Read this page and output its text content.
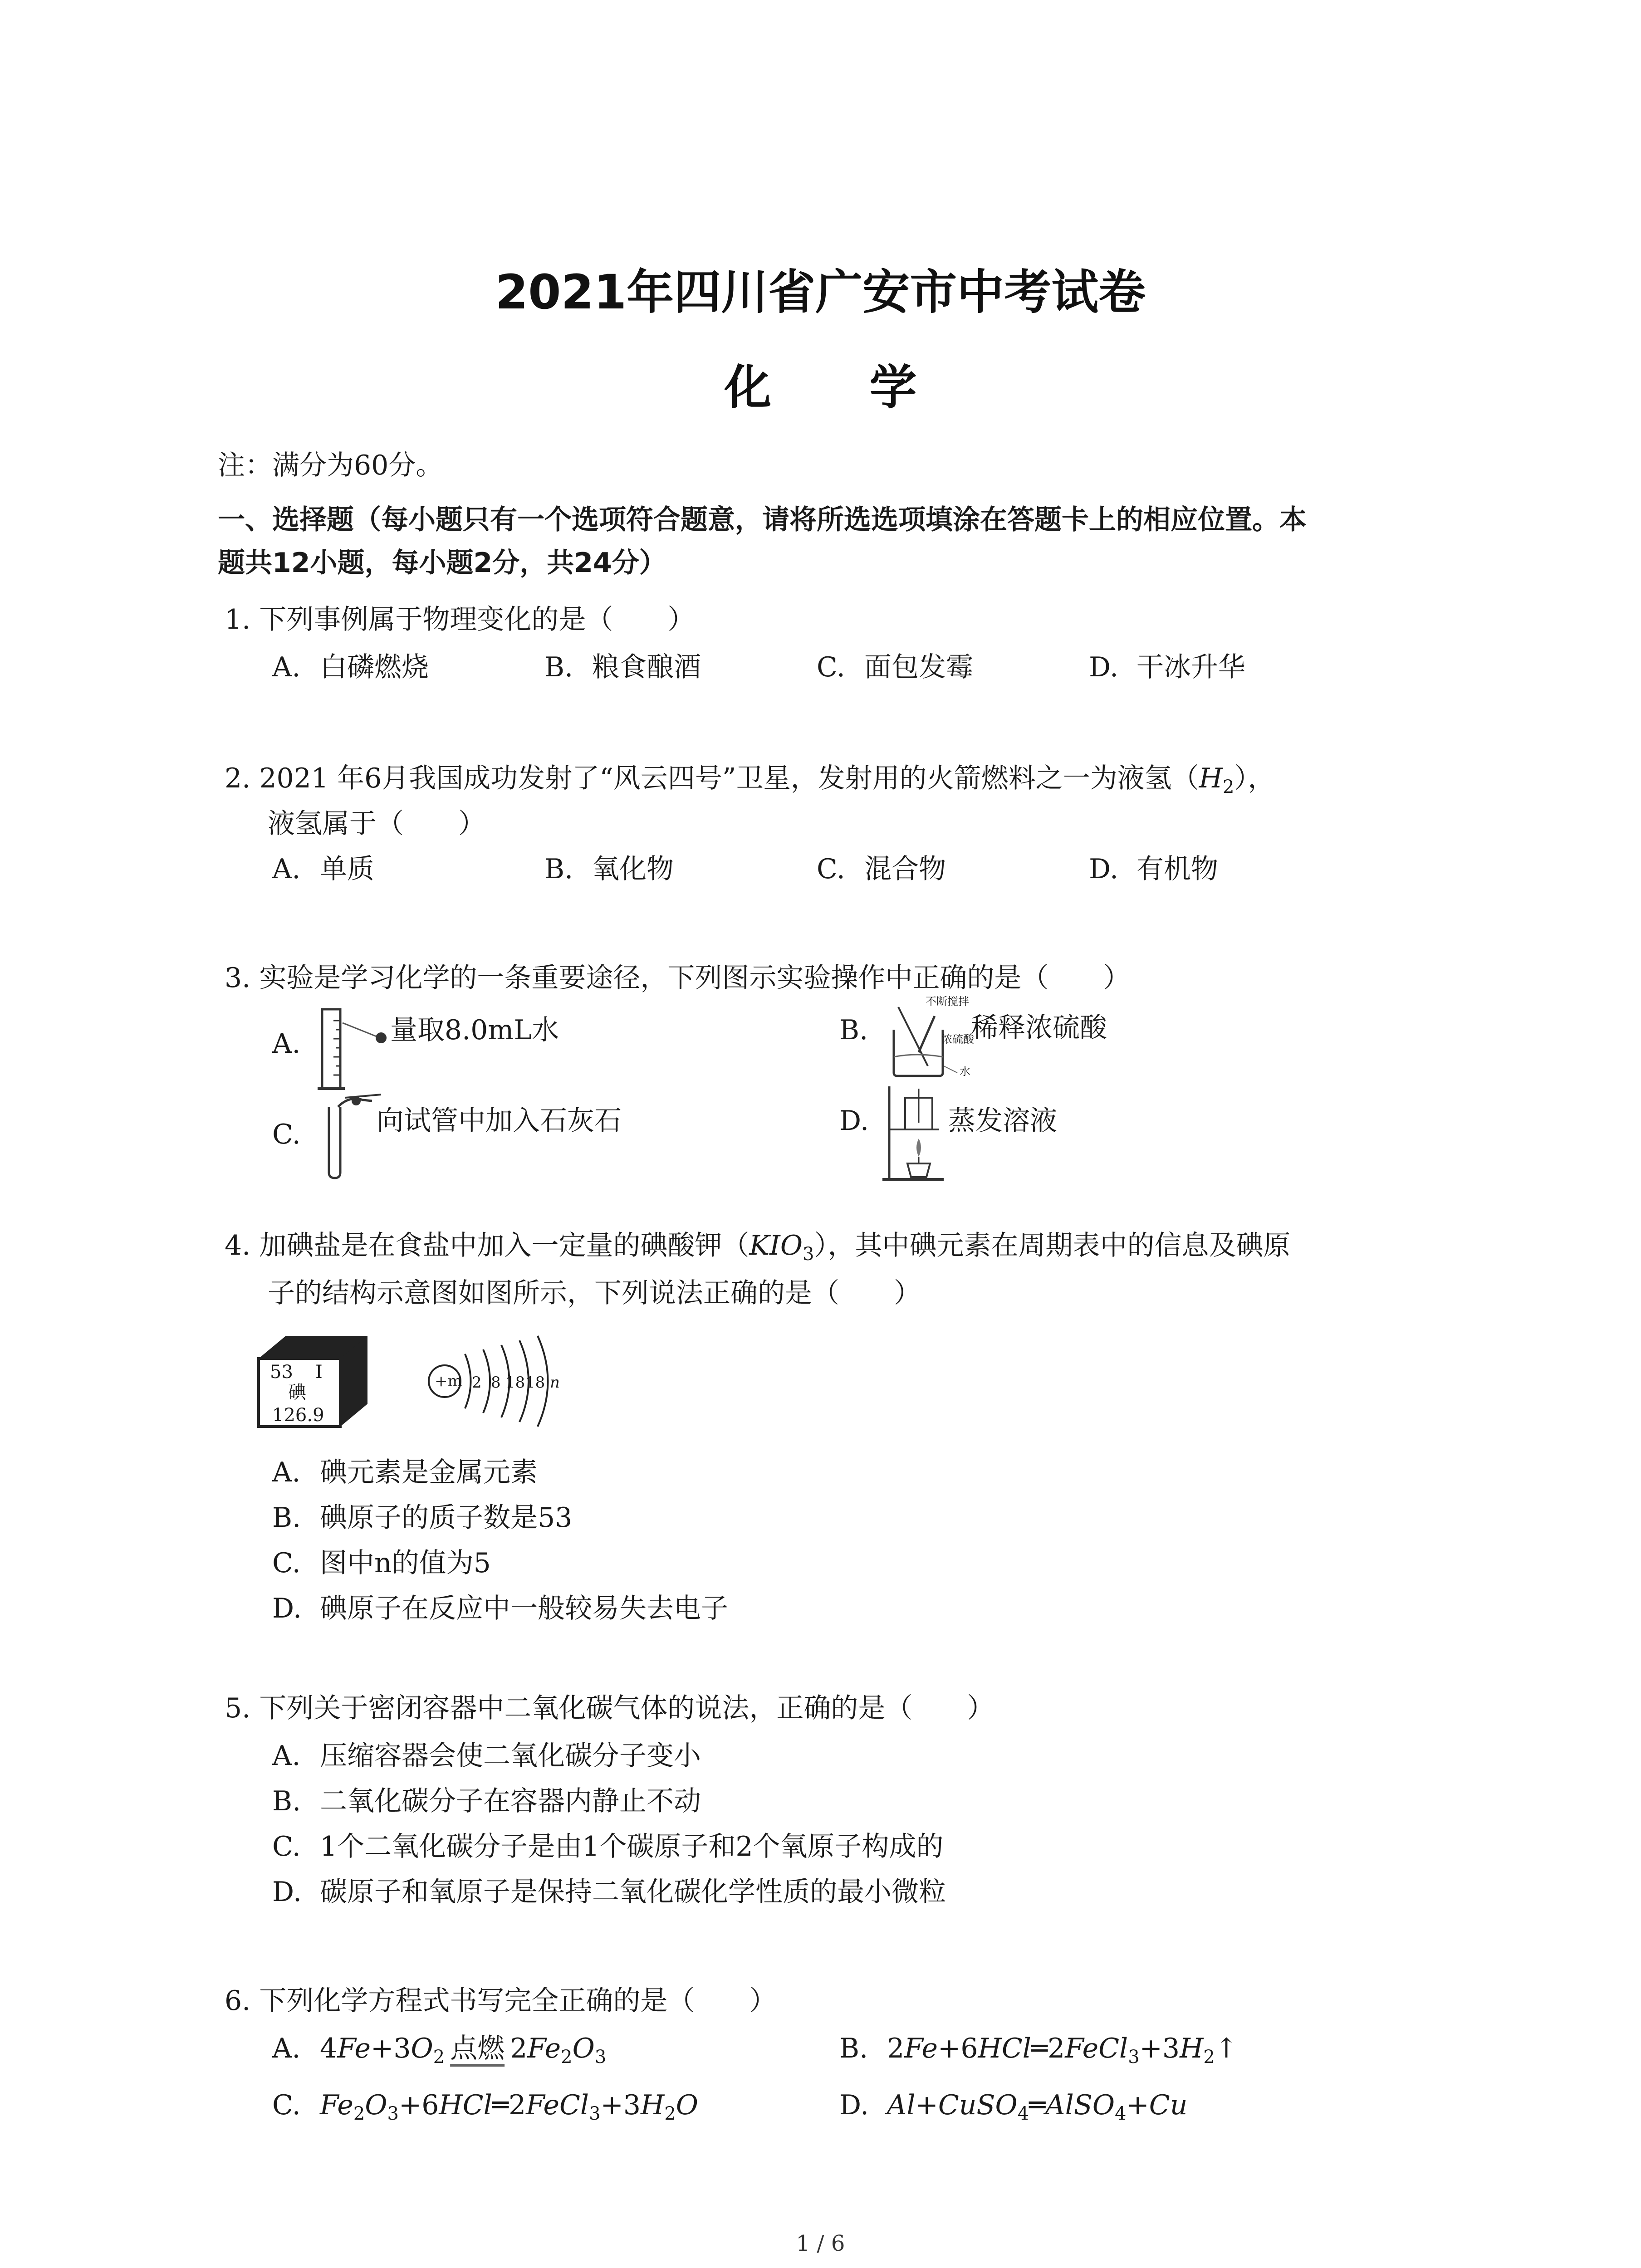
2021年四川省广安市中考试卷
化 学
注：满分为60分。
一、选择题（每小题只有一个选项符合题意，请将所选选项填涂在答题卡上的相应位置。本
题共12小题，每小题2分，共24分）
1. 下列事例属于物理变化的是（　　）
A. 白磷燃烧	B. 粮食酿酒	C. 面包发霉	D. 干冰升华
2. 2021 年6月我国成功发射了“风云四号”卫星，发射用的火箭燃料之一为液氢$(H_2)$，
液氢属于（　　）
A. 单质	B. 氧化物	C. 混合物	D. 有机物
3. 实验是学习化学的一条重要途径，下列图示实验操作中正确的是（　　）
A.	量取8.0mL水	B.
不断搅拌
浓硫酸
水
稀释浓硫酸
C.	向试管中加入石灰石	D.	蒸发溶液
4. 加碘盐是在食盐中加入一定量的碘酸钾$(KIO_3)$，其中碘元素在周期表中的信息及碘原
子的结构示意图如图所示，下列说法正确的是（　　）
53 I
碘
126.9
+m 2 8 18 18 n
A. 碘元素是金属元素
B. 碘原子的质子数是53
C. 图中n的值为5
D. 碘原子在反应中一般较易失去电子
5. 下列关于密闭容器中二氧化碳气体的说法，正确的是（　　）
A. 压缩容器会使二氧化碳分子变小
B. 二氧化碳分子在容器内静止不动
C. 1个二氧化碳分子是由1个碳原子和2个氧原子构成的
D. 碳原子和氧原子是保持二氧化碳化学性质的最小微粒
6. 下列化学方程式书写完全正确的是（　　）
A. $4Fe+3O_2$  点燃 $2Fe_2O_3$	B. $2Fe+6HCl═2FeCl_3+3H_2↑$
C. $Fe_2O_3+6HCl═2FeCl_3+3H_2O$	D. Al+CuSO$_4$═AlSO$_4$+Cu
1 / 6
